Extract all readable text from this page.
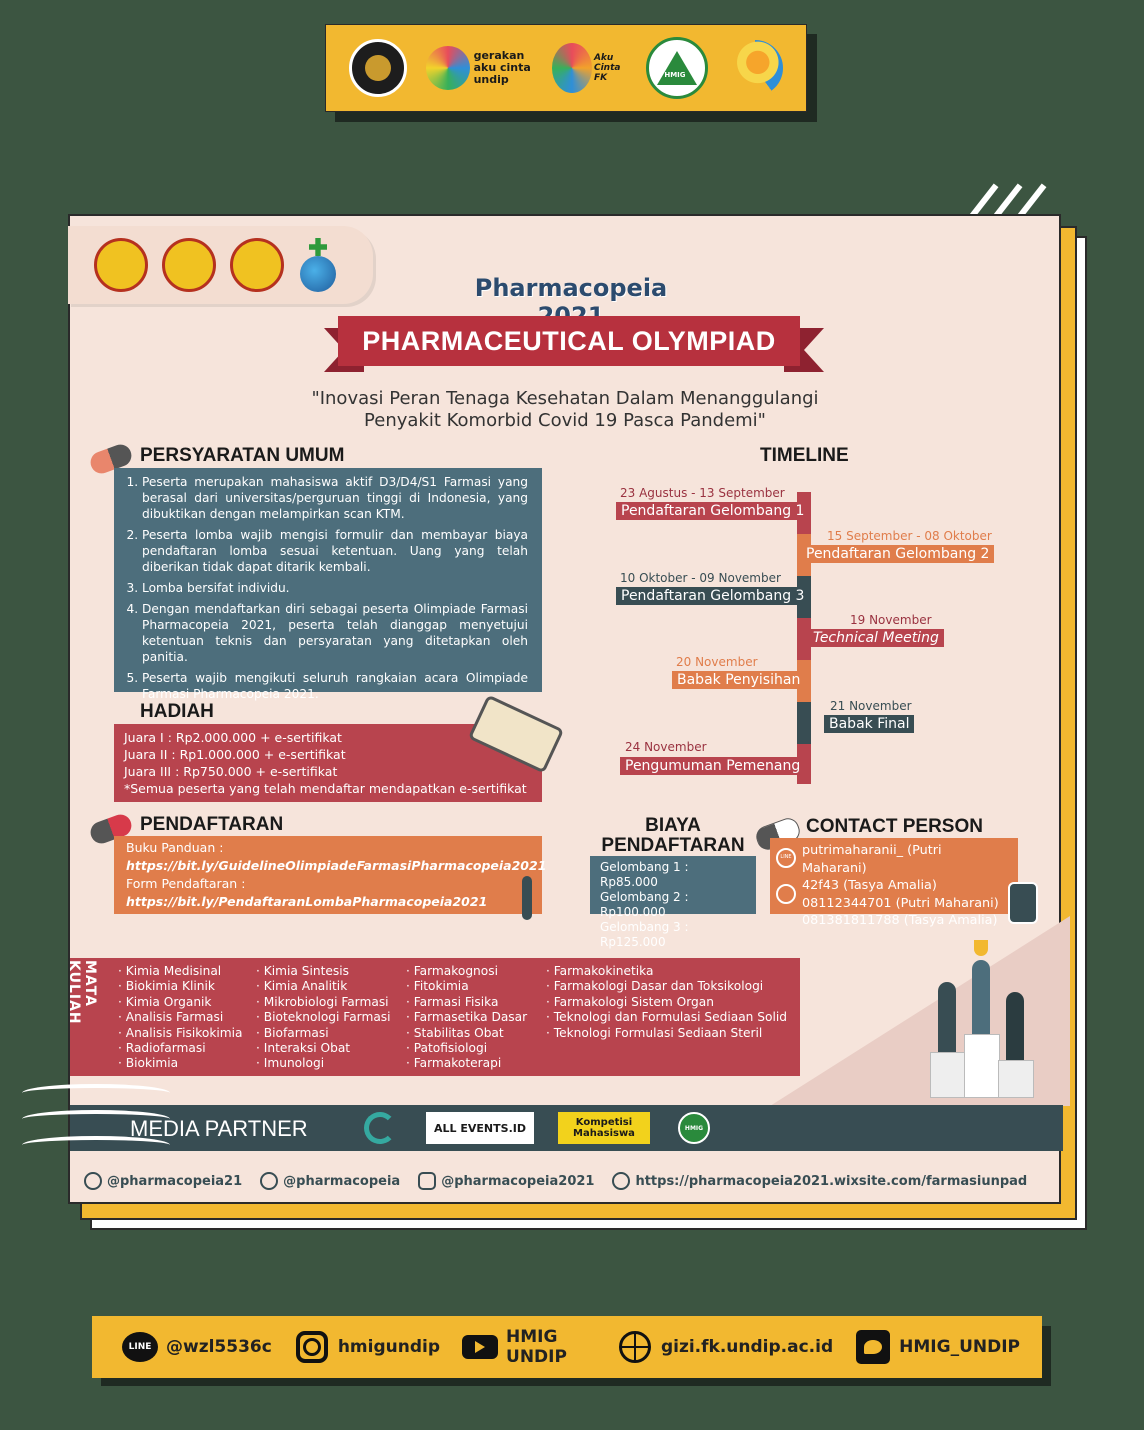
gerakan aku cinta undip
Aku Cinta FK	HMIG
Pharmacopeia
PHARMACEUTICAL OLYMPIAD
"Inovasi Peran Tenaga Kesehatan Dalam Menanggulangi
Penyakit Komorbid Covid 19 Pasca Pandemi"
PERSYARATAN UMUM
1. Peserta merupakan mahasiswa aktif D3/D4/S1 Farmasi yang berasal dari universitas/perguruan tinggi di Indonesia, yang dibuktikan dengan melampirkan scan KTM.
2. Peserta lomba wajib mengisi formulir dan membayar biaya pendaftaran lomba sesuai ketentuan. Uang yang telah diberikan tidak dapat ditarik kembali.
3. Lomba bersifat individu.
4. Dengan mendaftarkan diri sebagai peserta Olimpiade Farmasi Pharmacopeia 2021, peserta telah dianggap menyetujui ketentuan teknis dan persyaratan yang ditetapkan oleh panitia.
5. Peserta wajib mengikuti seluruh rangkaian acara Olimpiade Farmasi Pharmacopeia 2021.
HADIAH
Juara I : Rp2.000.000 + e-sertifikat
Juara II : Rp1.000.000 + e-sertifikat
Juara III : Rp750.000 + e-sertifikat
*Semua peserta yang telah mendaftar mendapatkan e-sertifikat
PENDAFTARAN
Buku Panduan :
https://bit.ly/GuidelineOlimpiadeFarmasiPharmacopeia2021
Form Pendaftaran :
https://bit.ly/PendaftaranLombaPharmacopeia2021
TIMELINE
23 Agustus - 13 September
Pendaftaran Gelombang 1
15 September - 08 Oktober
Pendaftaran Gelombang 2
10 Oktober - 09 November
Pendaftaran Gelombang 3
19 November
Technical Meeting
20 November
Babak Penyisihan
21 November
Babak Final
24 November
Pengumuman Pemenang
BIAYA
PENDAFTARAN
Gelombang 1 : Rp85.000
Gelombang 2 : Rp100.000
Gelombang 3 : Rp125.000
CONTACT PERSON
LINE putrimaharanii_ (Putri Maharani)
42f43 (Tasya Amalia)
08112344701 (Putri Maharani)
081381811788 (Tasya Amalia)
MATA KULIAH
·	Kimia Medisinal
· Biokimia Klinik
· Kimia Organik
· Analisis Farmasi
· Analisis Fisikokimia
· Radiofarmasi
· Biokimia
· Kimia Sintesis
· Kimia Analitik
· Mikrobiologi Farmasi
· Bioteknologi Farmasi
· Biofarmasi
· Interaksi Obat
· Imunologi
· Farmakognosi
· Fitokimia
· Farmasi Fisika
· Farmasetika Dasar
· Stabilitas Obat
· Patofisiologi
· Farmakoterapi
· Farmakokinetika
· Farmakologi Dasar dan Toksikologi
· Farmakologi Sistem Organ
· Teknologi dan Formulasi Sediaan Solid
· Teknologi Formulasi Sediaan Steril
MEDIA PARTNER	ALL EVENTS.ID	Kompetisi Mahasiswa	HMIG
@pharmacopeia21	@pharmacopeia	@pharmacopeia2021	https://pharmacopeia2021.wixsite.com/farmasiunpad
LINE @wzl5536c	hmigundip	HMIG UNDIP	gizi.fk.undip.ac.id	HMIG_UNDIP
